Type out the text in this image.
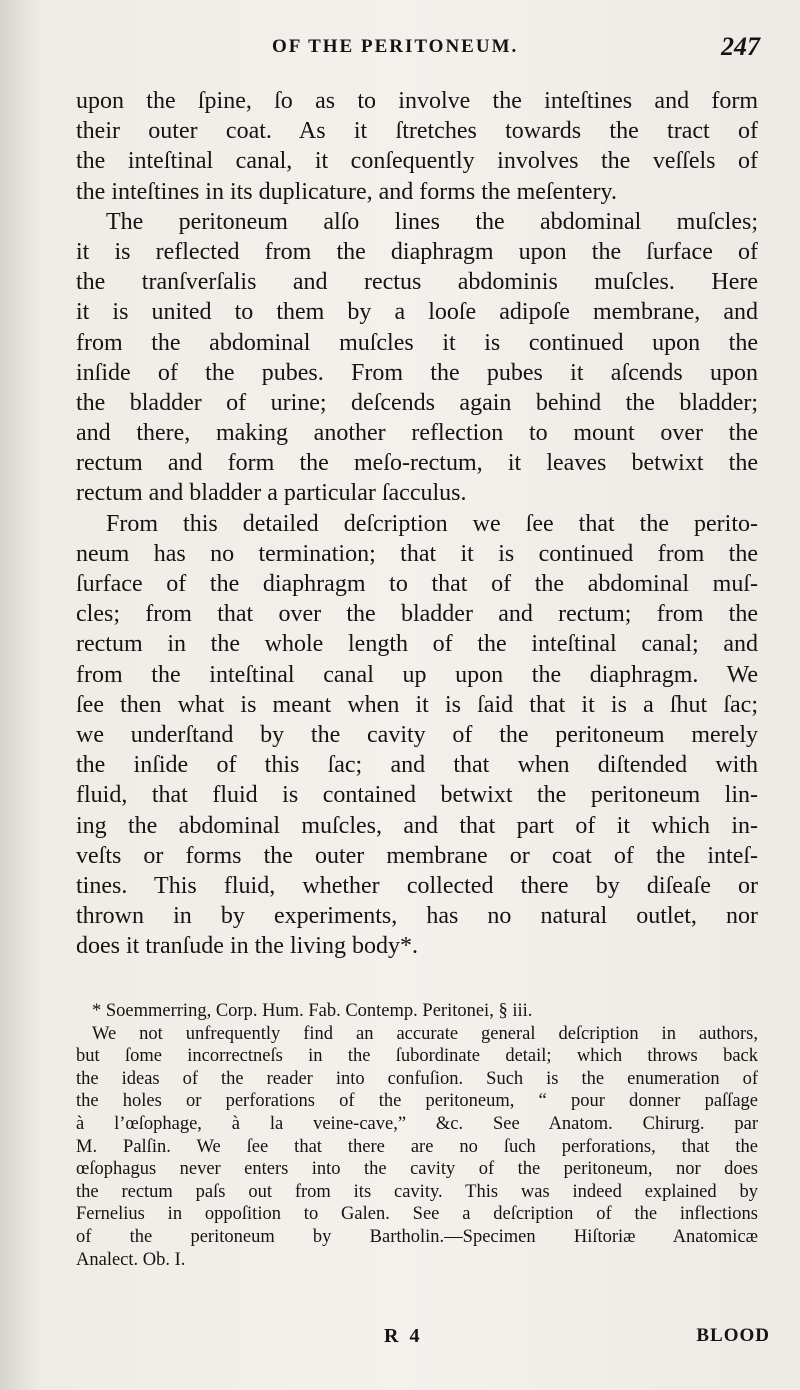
OF THE PERITONEUM.	247
upon the ſpine, ſo as to involve the inteſtines and form
their outer coat. As it ſtretches towards the tract of
the inteſtinal canal, it conſequently involves the veſſels of
the inteſtines in its duplicature, and forms the meſentery.
The peritoneum alſo lines the abdominal muſcles;
it is reflected from the diaphragm upon the ſurface of
the tranſverſalis and rectus abdominis muſcles. Here
it is united to them by a looſe adipoſe membrane, and
from the abdominal muſcles it is continued upon the
inſide of the pubes. From the pubes it aſcends upon
the bladder of urine; deſcends again behind the bladder;
and there, making another reflection to mount over the
rectum and form the meſo-rectum, it leaves betwixt the
rectum and bladder a particular ſacculus.
From this detailed deſcription we ſee that the perito-
neum has no termination; that it is continued from the
ſurface of the diaphragm to that of the abdominal muſ-
cles; from that over the bladder and rectum; from the
rectum in the whole length of the inteſtinal canal; and
from the inteſtinal canal up upon the diaphragm. We
ſee then what is meant when it is ſaid that it is a ſhut ſac;
we underſtand by the cavity of the peritoneum merely
the inſide of this ſac; and that when diſtended with
fluid, that fluid is contained betwixt the peritoneum lin-
ing the abdominal muſcles, and that part of it which in-
veſts or forms the outer membrane or coat of the inteſ-
tines. This fluid, whether collected there by diſeaſe or
thrown in by experiments, has no natural outlet, nor
does it tranſude in the living body*.
* Soemmerring, Corp. Hum. Fab. Contemp. Peritonei, § iii.
We not unfrequently find an accurate general deſcription in authors,
but ſome incorrectneſs in the ſubordinate detail; which throws back
the ideas of the reader into confuſion. Such is the enumeration of
the holes or perforations of the peritoneum, “ pour donner paſſage
à l’œſophage, à la veine-cave,” &c. See Anatom. Chirurg. par
M. Palſin. We ſee that there are no ſuch perforations, that the
œſophagus never enters into the cavity of the peritoneum, nor does
the rectum paſs out from its cavity. This was indeed explained by
Fernelius in oppoſition to Galen. See a deſcription of the inflections
of the peritoneum by Bartholin.—Specimen Hiſtoriæ Anatomicæ
Analect. Ob. I.
R 4	BLOOD
